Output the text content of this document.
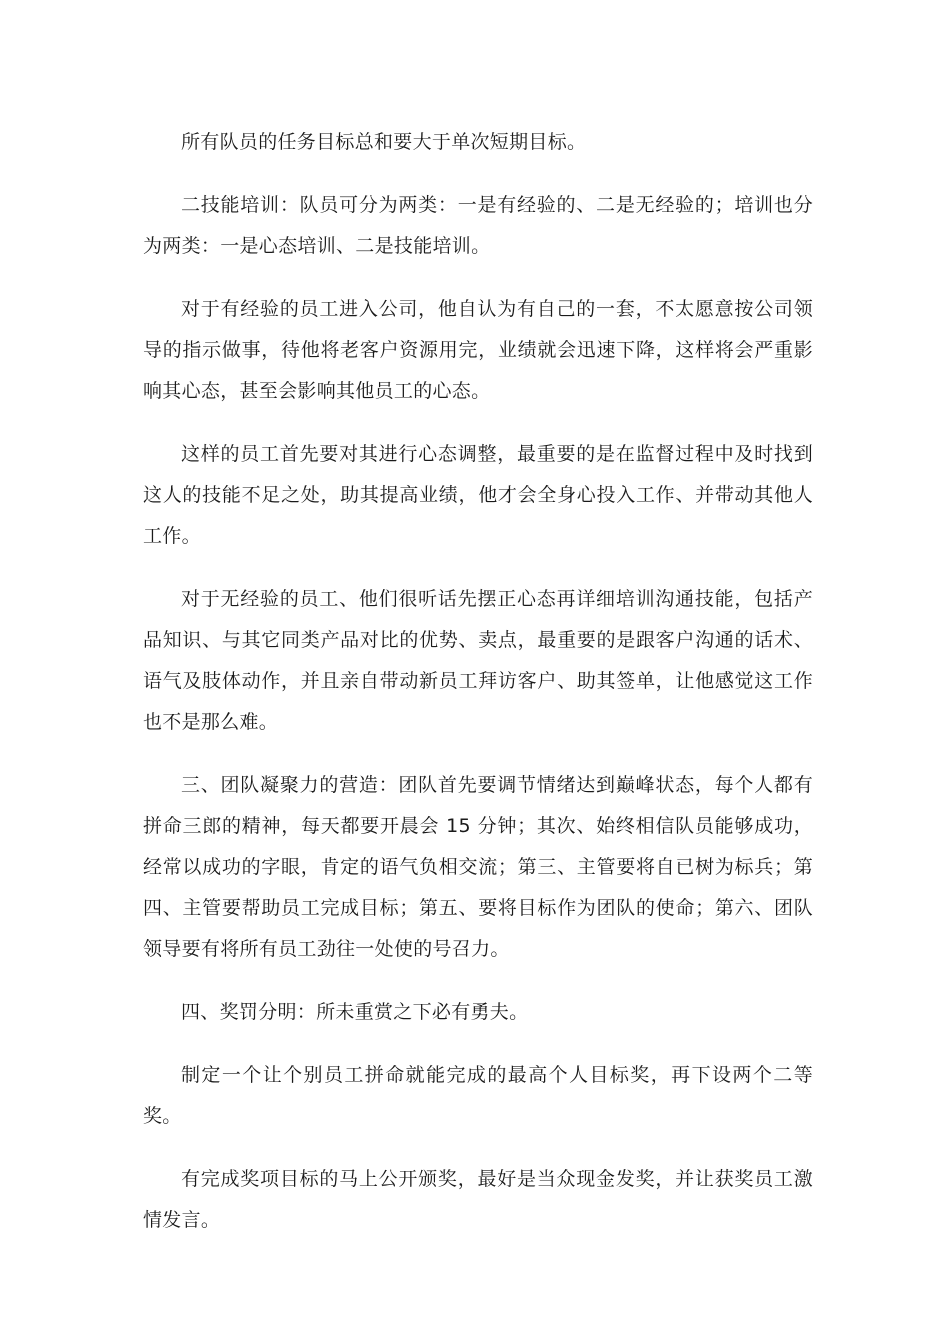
所有队员的任务目标总和要大于单次短期目标。

二技能培训：队员可分为两类：一是有经验的、二是无经验的；培训也分为两类：一是心态培训、二是技能培训。

对于有经验的员工进入公司，他自认为有自己的一套，不太愿意按公司领导的指示做事，待他将老客户资源用完，业绩就会迅速下降，这样将会严重影响其心态，甚至会影响其他员工的心态。

这样的员工首先要对其进行心态调整，最重要的是在监督过程中及时找到这人的技能不足之处，助其提高业绩，他才会全身心投入工作、并带动其他人工作。

对于无经验的员工、他们很听话先摆正心态再详细培训沟通技能，包括产品知识、与其它同类产品对比的优势、卖点，最重要的是跟客户沟通的话术、语气及肢体动作，并且亲自带动新员工拜访客户、助其签单，让他感觉这工作也不是那么难。

三、团队凝聚力的营造：团队首先要调节情绪达到巅峰状态，每个人都有拼命三郎的精神，每天都要开晨会 15 分钟；其次、始终相信队员能够成功，经常以成功的字眼，肯定的语气负相交流；第三、主管要将自已树为标兵；第四、主管要帮助员工完成目标；第五、要将目标作为团队的使命；第六、团队领导要有将所有员工劲往一处使的号召力。

四、奖罚分明：所未重赏之下必有勇夫。

制定一个让个别员工拼命就能完成的最高个人目标奖，再下设两个二等奖。

有完成奖项目标的马上公开颁奖，最好是当众现金发奖，并让获奖员工激情发言。
